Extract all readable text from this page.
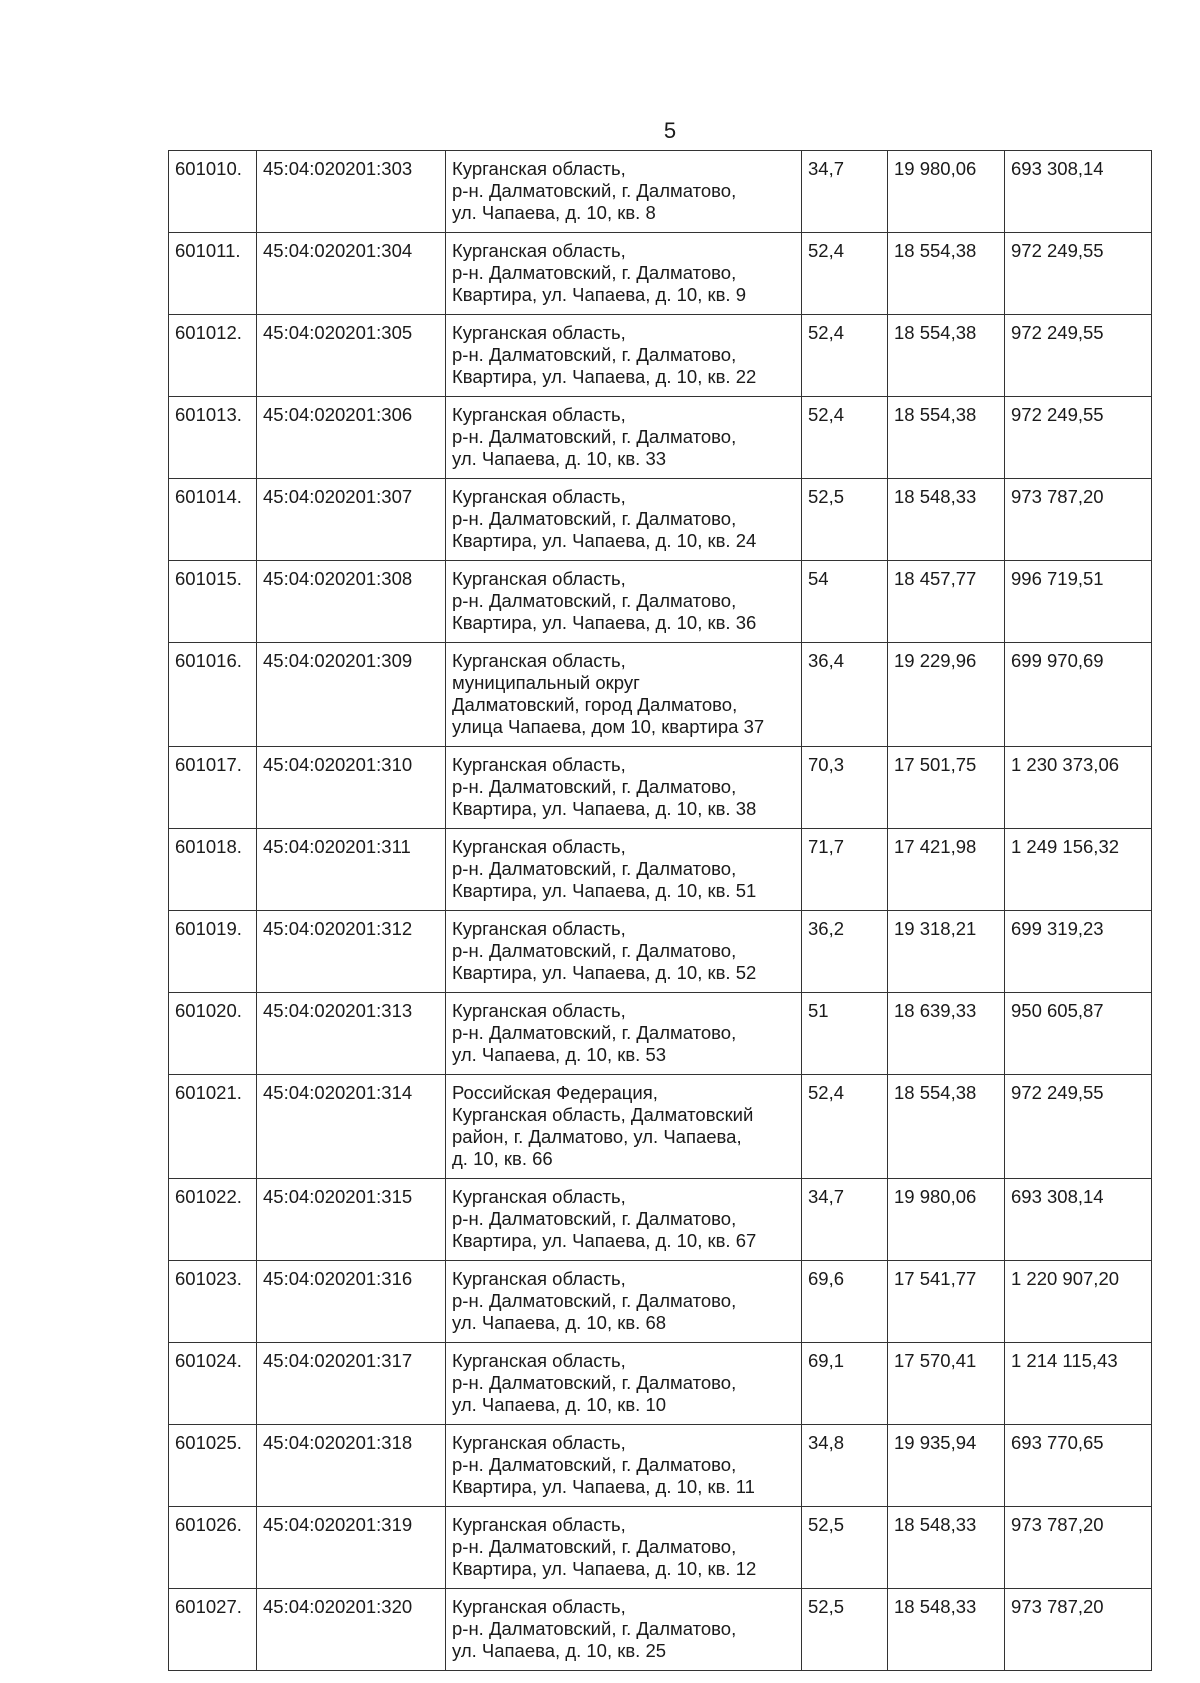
5
601010.	45:04:020201:303	Курганская область,
р-н. Далматовский, г. Далматово,
ул. Чапаева, д. 10, кв. 8	34,7	19 980,06	693 308,14
601011.	45:04:020201:304	Курганская область,
р-н. Далматовский, г. Далматово,
Квартира, ул. Чапаева, д. 10, кв. 9	52,4	18 554,38	972 249,55
601012.	45:04:020201:305	Курганская область,
р-н. Далматовский, г. Далматово,
Квартира, ул. Чапаева, д. 10, кв. 22	52,4	18 554,38	972 249,55
601013.	45:04:020201:306	Курганская область,
р-н. Далматовский, г. Далматово,
ул. Чапаева, д. 10, кв. 33	52,4	18 554,38	972 249,55
601014.	45:04:020201:307	Курганская область,
р-н. Далматовский, г. Далматово,
Квартира, ул. Чапаева, д. 10, кв. 24	52,5	18 548,33	973 787,20
601015.	45:04:020201:308	Курганская область,
р-н. Далматовский, г. Далматово,
Квартира, ул. Чапаева, д. 10, кв. 36	54	18 457,77	996 719,51
601016.	45:04:020201:309	Курганская область,
муниципальный округ
Далматовский, город Далматово,
улица Чапаева, дом 10, квартира 37	36,4	19 229,96	699 970,69
601017.	45:04:020201:310	Курганская область,
р-н. Далматовский, г. Далматово,
Квартира, ул. Чапаева, д. 10, кв. 38	70,3	17 501,75	1 230 373,06
601018.	45:04:020201:311	Курганская область,
р-н. Далматовский, г. Далматово,
Квартира, ул. Чапаева, д. 10, кв. 51	71,7	17 421,98	1 249 156,32
601019.	45:04:020201:312	Курганская область,
р-н. Далматовский, г. Далматово,
Квартира, ул. Чапаева, д. 10, кв. 52	36,2	19 318,21	699 319,23
601020.	45:04:020201:313	Курганская область,
р-н. Далматовский, г. Далматово,
ул. Чапаева, д. 10, кв. 53	51	18 639,33	950 605,87
601021.	45:04:020201:314	Российская Федерация,
Курганская область, Далматовский
район, г. Далматово, ул. Чапаева,
д. 10, кв. 66	52,4	18 554,38	972 249,55
601022.	45:04:020201:315	Курганская область,
р-н. Далматовский, г. Далматово,
Квартира, ул. Чапаева, д. 10, кв. 67	34,7	19 980,06	693 308,14
601023.	45:04:020201:316	Курганская область,
р-н. Далматовский, г. Далматово,
ул. Чапаева, д. 10, кв. 68	69,6	17 541,77	1 220 907,20
601024.	45:04:020201:317	Курганская область,
р-н. Далматовский, г. Далматово,
ул. Чапаева, д. 10, кв. 10	69,1	17 570,41	1 214 115,43
601025.	45:04:020201:318	Курганская область,
р-н. Далматовский, г. Далматово,
Квартира, ул. Чапаева, д. 10, кв. 11	34,8	19 935,94	693 770,65
601026.	45:04:020201:319	Курганская область,
р-н. Далматовский, г. Далматово,
Квартира, ул. Чапаева, д. 10, кв. 12	52,5	18 548,33	973 787,20
601027.	45:04:020201:320	Курганская область,
р-н. Далматовский, г. Далматово,
ул. Чапаева, д. 10, кв. 25	52,5	18 548,33	973 787,20
